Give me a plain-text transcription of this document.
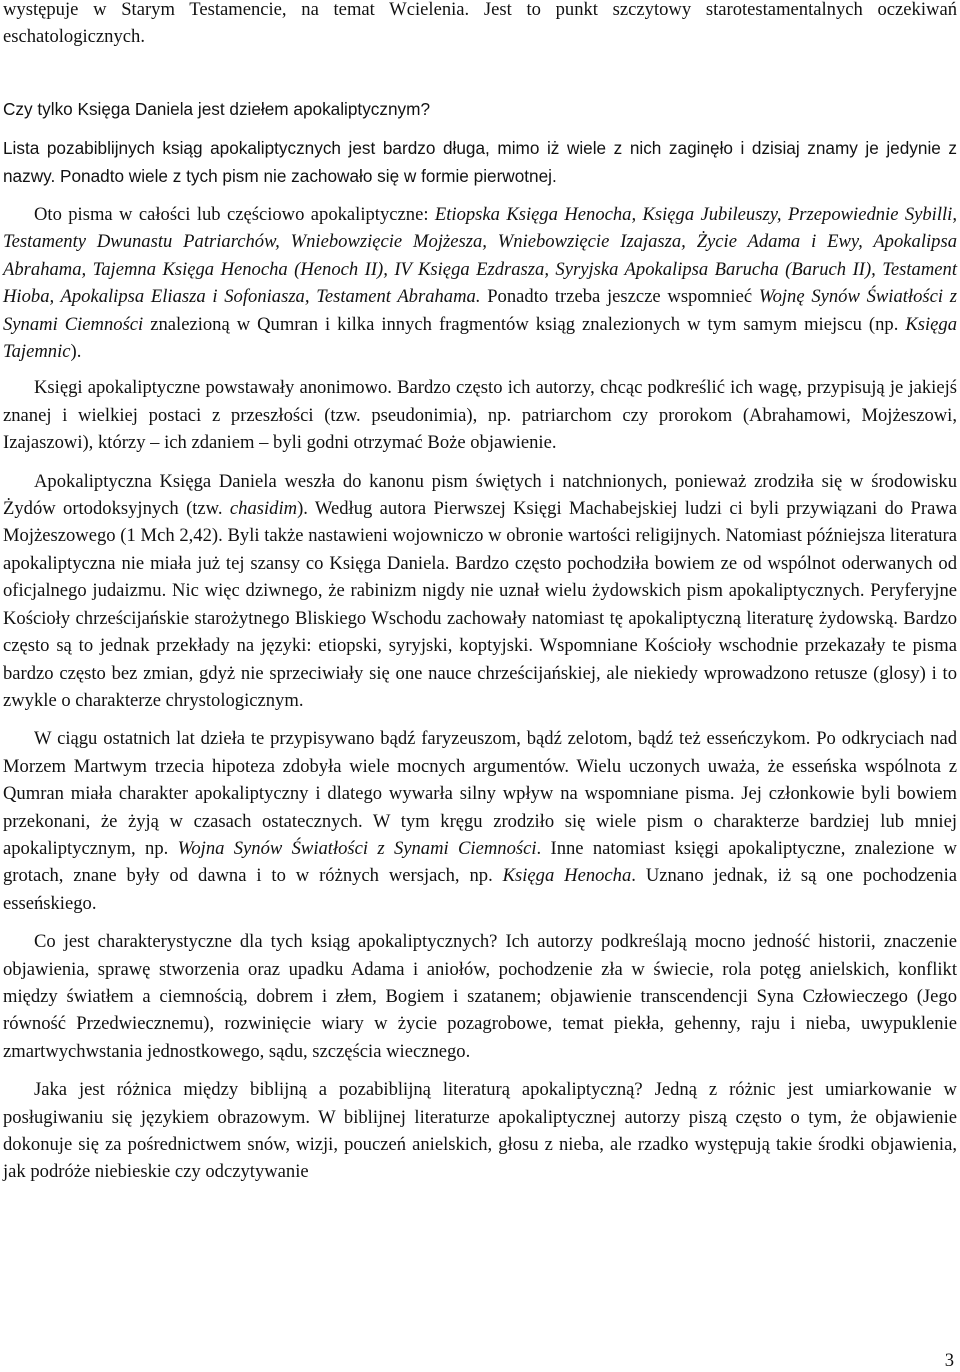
występuje w Starym Testamencie, na temat Wcielenia. Jest to punkt szczytowy starotestamentalnych oczekiwań eschatologicznych.

Czy tylko Księga Daniela jest dziełem apokaliptycznym?

Lista pozabiblijnych ksiąg apokaliptycznych jest bardzo długa, mimo iż wiele z nich zaginęło i dzisiaj znamy je jedynie z nazwy. Ponadto wiele z tych pism nie zachowało się w formie pierwotnej.

Oto pisma w całości lub częściowo apokaliptyczne: Etiopska Księga Henocha, Księga Jubileuszy, Przepowiednie Sybilli, Testamenty Dwunastu Patriarchów, Wniebowzięcie Mojżesza, Wniebowzięcie Izajasza, Życie Adama i Ewy, Apokalipsa Abrahama, Tajemna Księga Henocha (Henoch II), IV Księga Ezdrasza, Syryjska Apokalipsa Barucha (Baruch II), Testament Hioba, Apokalipsa Eliasza i Sofoniasza, Testament Abrahama. Ponadto trzeba jeszcze wspomnieć Wojnę Synów Światłości z Synami Ciemności znalezioną w Qumran i kilka innych fragmentów ksiąg znalezionych w tym samym miejscu (np. Księga Tajemnic).

Księgi apokaliptyczne powstawały anonimowo. Bardzo często ich autorzy, chcąc podkreślić ich wagę, przypisują je jakiejś znanej i wielkiej postaci z przeszłości (tzw. pseudonimia), np. patriarchom czy prorokom (Abrahamowi, Mojżeszowi, Izajaszowi), którzy – ich zdaniem – byli godni otrzymać Boże objawienie.

Apokaliptyczna Księga Daniela weszła do kanonu pism świętych i natchnionych, ponieważ zrodziła się w środowisku Żydów ortodoksyjnych (tzw. chasidim). Według autora Pierwszej Księgi Machabejskiej ludzi ci byli przywiązani do Prawa Mojżeszowego (1 Mch 2,42). Byli także nastawieni wojowniczo w obronie wartości religijnych. Natomiast późniejsza literatura apokaliptyczna nie miała już tej szansy co Księga Daniela. Bardzo często pochodziła bowiem ze od wspólnot oderwanych od oficjalnego judaizmu. Nic więc dziwnego, że rabinizm nigdy nie uznał wielu żydowskich pism apokaliptycznych. Peryferyjne Kościoły chrześcijańskie starożytnego Bliskiego Wschodu zachowały natomiast tę apokaliptyczną literaturę żydowską. Bardzo często są to jednak przekłady na języki: etiopski, syryjski, koptyjski. Wspomniane Kościoły wschodnie przekazały te pisma bardzo często bez zmian, gdyż nie sprzeciwiały się one nauce chrześcijańskiej, ale niekiedy wprowadzono retusze (glosy) i to zwykle o charakterze chrystologicznym.

W ciągu ostatnich lat dzieła te przypisywano bądź faryzeuszom, bądź zelotom, bądź też esseńczykom. Po odkryciach nad Morzem Martwym trzecia hipoteza zdobyła wiele mocnych argumentów. Wielu uczonych uważa, że esseńska wspólnota z Qumran miała charakter apokaliptyczny i dlatego wywarła silny wpływ na wspomniane pisma. Jej członkowie byli bowiem przekonani, że żyją w czasach ostatecznych. W tym kręgu zrodziło się wiele pism o charakterze bardziej lub mniej apokaliptycznym, np. Wojna Synów Światłości z Synami Ciemności. Inne natomiast księgi apokaliptyczne, znalezione w grotach, znane były od dawna i to w różnych wersjach, np. Księga Henocha. Uznano jednak, iż są one pochodzenia esseńskiego.

Co jest charakterystyczne dla tych ksiąg apokaliptycznych? Ich autorzy podkreślają mocno jedność historii, znaczenie objawienia, sprawę stworzenia oraz upadku Adama i aniołów, pochodzenie zła w świecie, rola potęg anielskich, konflikt między światłem a ciemnością, dobrem i złem, Bogiem i szatanem; objawienie transcendencji Syna Człowieczego (Jego równość Przedwiecznemu), rozwinięcie wiary w życie pozagrobowe, temat piekła, gehenny, raju i nieba, uwypuklenie zmartwychwstania jednostkowego, sądu, szczęścia wiecznego.

Jaka jest różnica między biblijną a pozabiblijną literaturą apokaliptyczną? Jedną z różnic jest umiarkowanie w posługiwaniu się językiem obrazowym. W biblijnej literaturze apokaliptycznej autorzy piszą często o tym, że objawienie dokonuje się za pośrednictwem snów, wizji, pouczeń anielskich, głosu z nieba, ale rzadko występują takie środki objawienia, jak podróże niebieskie czy odczytywanie

3
